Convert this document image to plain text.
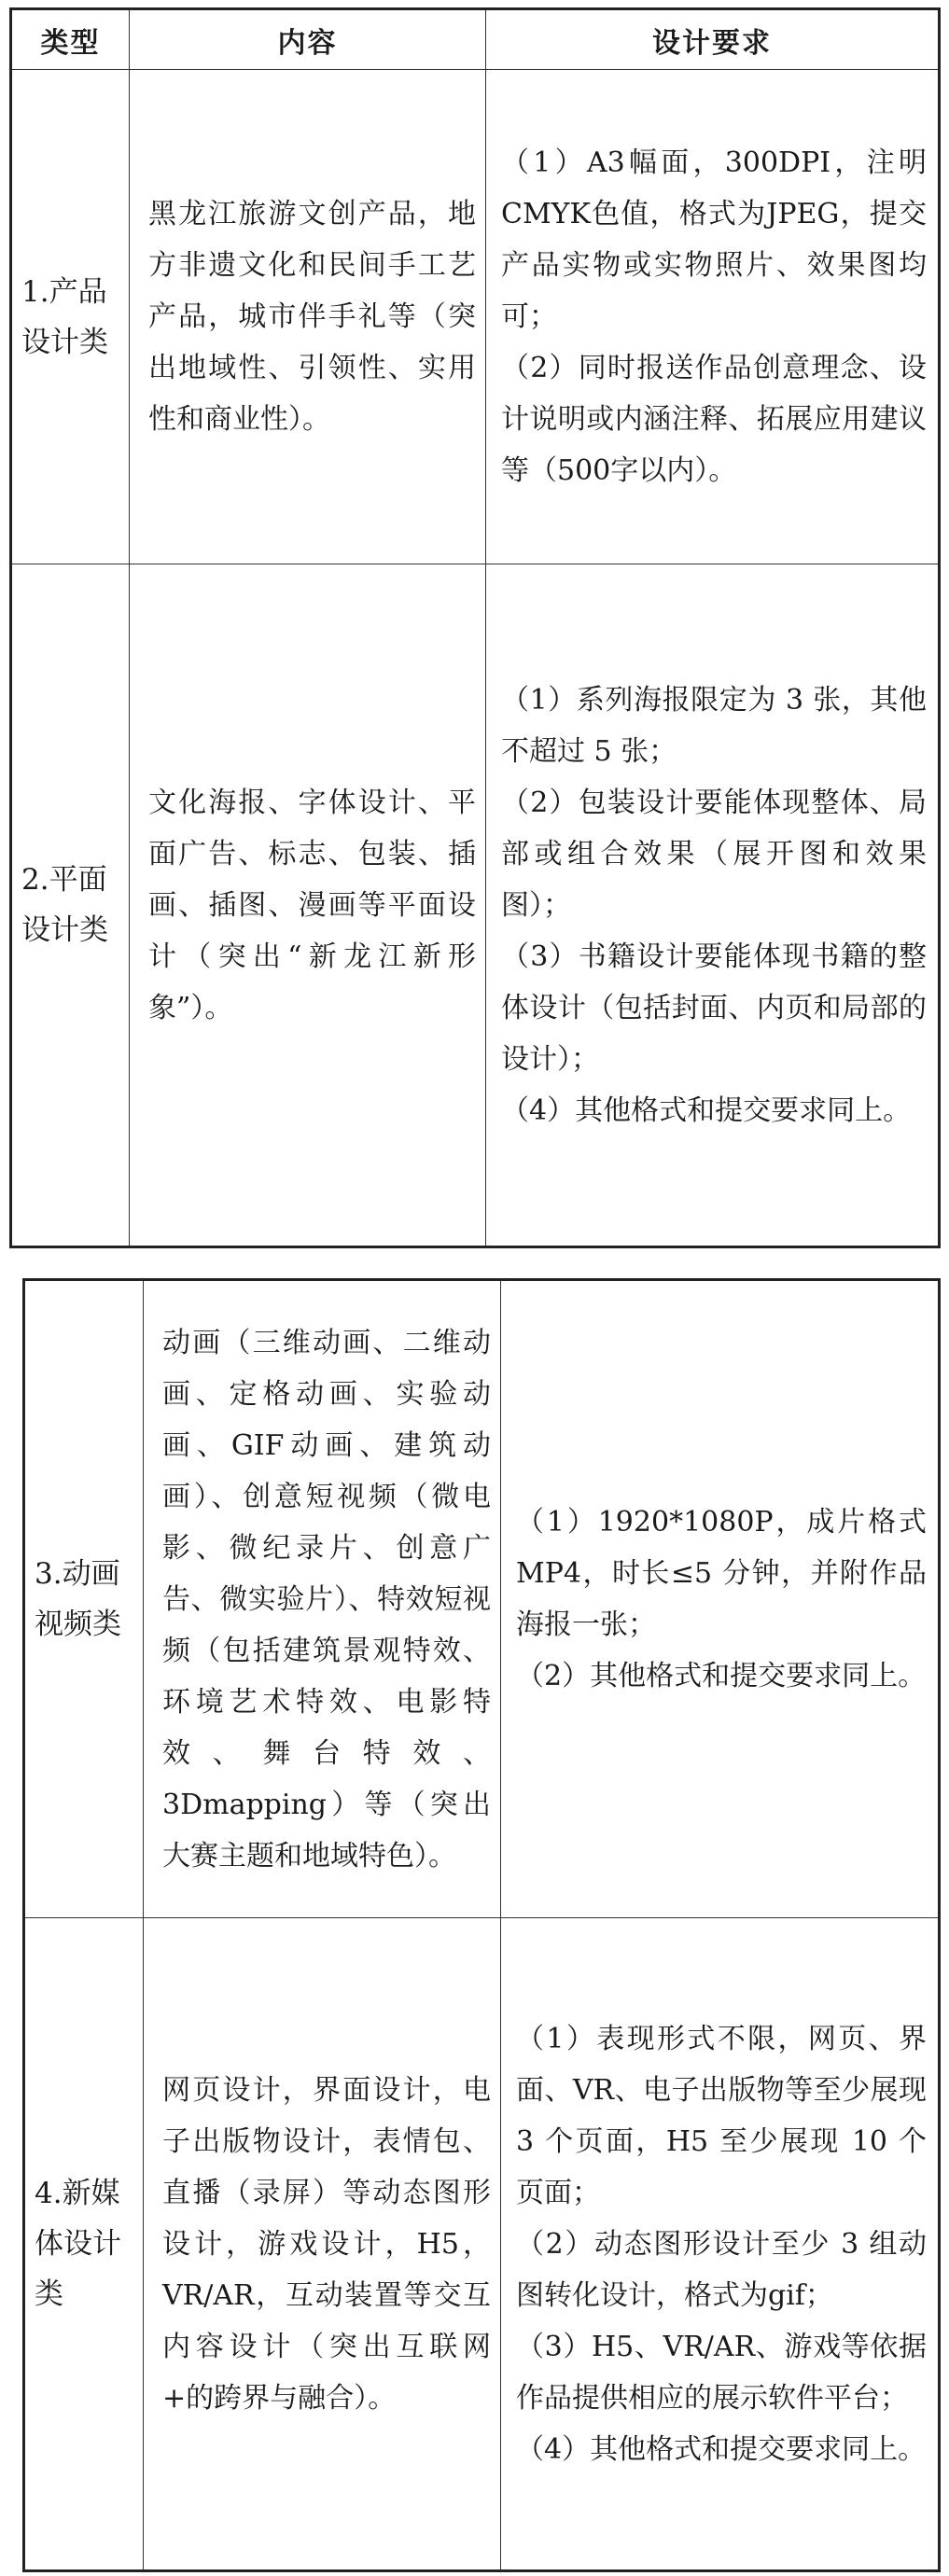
类型	内容	设计要求
1.产品设计类	黑龙江旅游文创产品，地方非遗文化和民间手工艺产品，城市伴手礼等（突出地域性、引领性、实用性和商业性）。	（1）A3幅面，300DPI，注明CMYK色值，格式为JPEG，提交产品实物或实物照片、效果图均可；
（2）同时报送作品创意理念、设计说明或内涵注释、拓展应用建议等（500字以内）。

2.平面设计类	文化海报、字体设计、平面广告、标志、包装、插画、插图、漫画等平面设计（突出“新龙江新形象”）。	（1）系列海报限定为 3 张，其他不超过 5 张；
（2）包装设计要能体现整体、局部或组合效果（展开图和效果图）；
（3）书籍设计要能体现书籍的整体设计（包括封面、内页和局部的设计）；
（4）其他格式和提交要求同上。
3.动画视频类	动画（三维动画、二维动画、定格动画、实验动画、GIF动画、建筑动画）、创意短视频（微电影、微纪录片、创意广告、微实验片）、特效短视频（包括建筑景观特效、环境艺术特效、电影特效、舞台特效、3Dmapping）等（突出大赛主题和地域特色）。	（1）1920*1080P，成片格式MP4，时长≤5 分钟，并附作品海报一张；
（2）其他格式和提交要求同上。

4.新媒体设计类	网页设计，界面设计，电子出版物设计，表情包、直播（录屏）等动态图形设计，游戏设计，H5，VR/AR，互动装置等交互内容设计（突出互联网+的跨界与融合）。	（1）表现形式不限，网页、界面、VR、电子出版物等至少展现 3 个页面，H5 至少展现 10 个页面；
（2）动态图形设计至少 3 组动图转化设计，格式为gif；
（3）H5、VR/AR、游戏等依据作品提供相应的展示软件平台；
（4）其他格式和提交要求同上。
